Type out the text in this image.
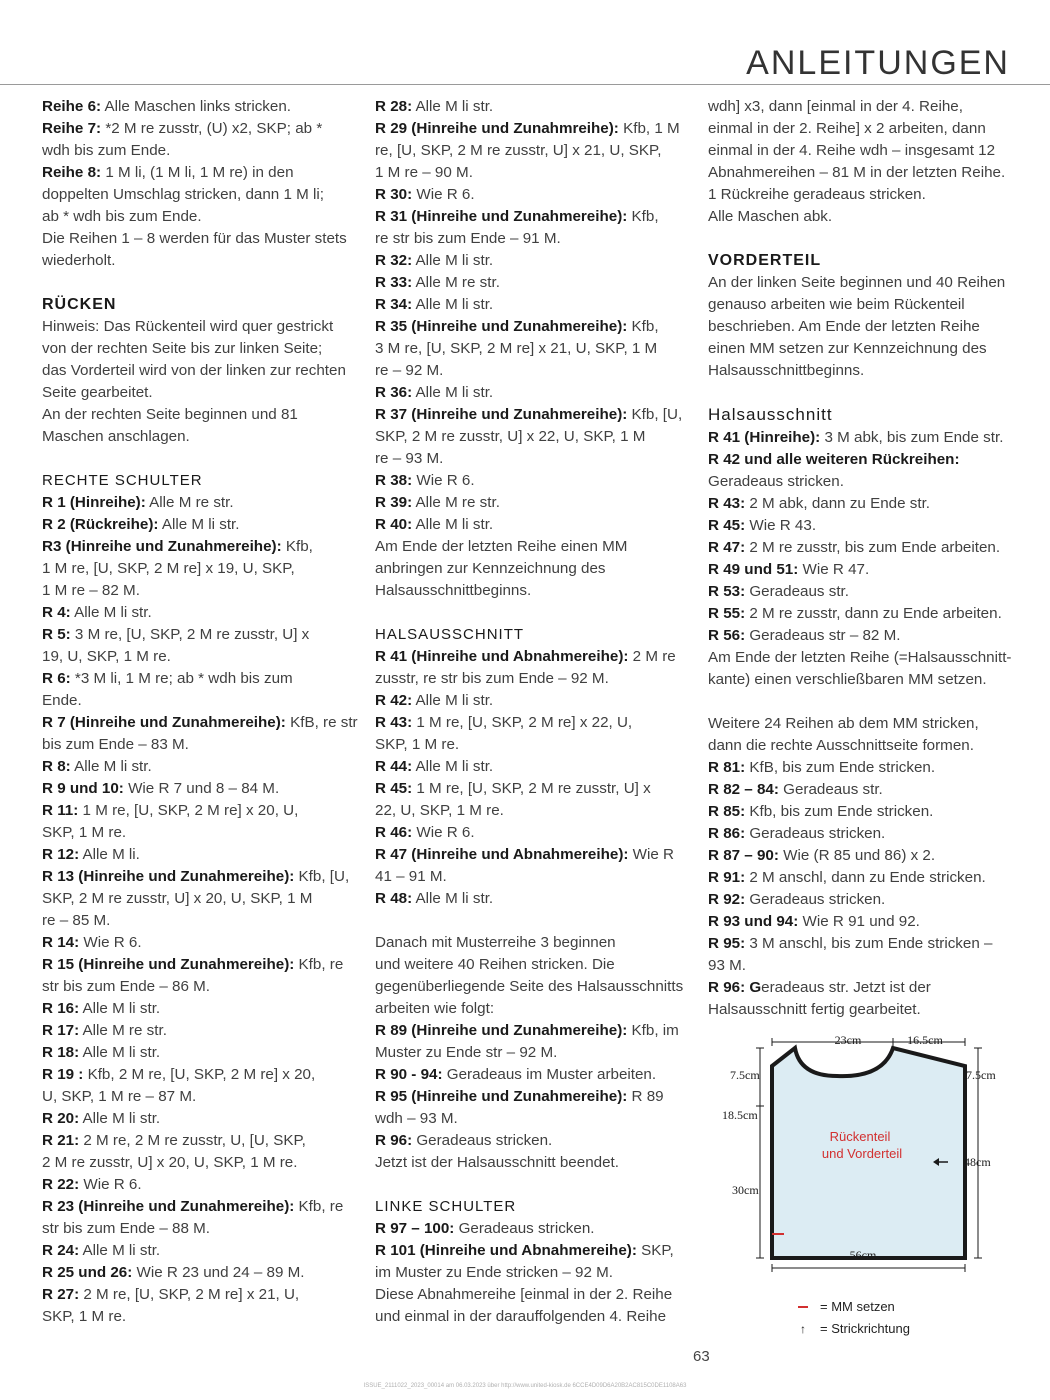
ANLEITUNGEN
Reihe 6: Alle Maschen links stricken.
Reihe 7: *2 M re zusstr, (U) x2, SKP; ab *
wdh bis zum Ende.
Reihe 8: 1 M li, (1 M li, 1 M re) in den
doppelten Umschlag stricken, dann 1 M li;
ab * wdh bis zum Ende.
Die Reihen 1 – 8 werden für das Muster stets
wiederholt.
RÜCKEN
Hinweis: Das Rückenteil wird quer gestrickt
von der rechten Seite bis zur linken Seite;
das Vorderteil wird von der linken zur rechten
Seite gearbeitet.
An der rechten Seite beginnen und 81
Maschen anschlagen.
RECHTE SCHULTER
R 1 (Hinreihe): Alle M re str.
R 2 (Rückreihe): Alle M li str.
R3 (Hinreihe und Zunahmereihe): Kfb,
1 M re, [U, SKP, 2 M re] x 19, U, SKP,
1 M re – 82 M.
R 4: Alle M li str.
R 5: 3 M re, [U, SKP, 2 M re zusstr, U] x
19, U, SKP, 1 M re.
R 6: *3 M li, 1 M re; ab * wdh bis zum
Ende.
R 7 (Hinreihe und Zunahmereihe): KfB, re str
bis zum Ende – 83 M.
R 8: Alle M li str.
R 9 und 10: Wie R 7 und 8 – 84 M.
R 11: 1 M re, [U, SKP, 2 M re] x 20, U,
SKP, 1 M re.
R 12: Alle M li.
R 13 (Hinreihe und Zunahmereihe): Kfb, [U,
SKP, 2 M re zusstr, U] x 20, U, SKP, 1 M
re – 85 M.
R 14: Wie R 6.
R 15 (Hinreihe und Zunahmereihe): Kfb, re
str bis zum Ende – 86 M.
R 16: Alle M li str.
R 17: Alle M re str.
R 18: Alle M li str.
R 19 : Kfb, 2 M re, [U, SKP, 2 M re] x 20,
U, SKP, 1 M re – 87 M.
R 20: Alle M li str.
R 21: 2 M re, 2 M re zusstr, U, [U, SKP,
2 M re zusstr, U] x 20, U, SKP, 1 M re.
R 22: Wie R 6.
R 23 (Hinreihe und Zunahmereihe): Kfb, re
str bis zum Ende – 88 M.
R 24: Alle M li str.
R 25 und 26: Wie R 23 und 24 – 89 M.
R 27: 2 M re, [U, SKP, 2 M re] x 21, U,
SKP, 1 M re.
R 28: Alle M li str.
R 29 (Hinreihe und Zunahmreihe): Kfb, 1 M
re, [U, SKP, 2 M re zusstr, U] x 21, U, SKP,
1 M re – 90 M.
R 30: Wie R 6.
R 31 (Hinreihe und Zunahmereihe): Kfb,
re str bis zum Ende – 91 M.
R 32: Alle M li str.
R 33: Alle M re str.
R 34: Alle M li str.
R 35 (Hinreihe und Zunahmereihe): Kfb,
3 M re, [U, SKP, 2 M re] x 21, U, SKP, 1 M
re – 92 M.
R 36: Alle M li str.
R 37 (Hinreihe und Zunahmereihe): Kfb, [U,
SKP, 2 M re zusstr, U] x 22, U, SKP, 1 M
re – 93 M.
R 38: Wie R 6.
R 39: Alle M re str.
R 40: Alle M li str.
Am Ende der letzten Reihe einen MM
anbringen zur Kennzeichnung des
Halsausschnittbeginns.
HALSAUSSCHNITT
R 41 (Hinreihe und Abnahmereihe): 2 M re
zusstr, re str bis zum Ende – 92 M.
R 42: Alle M li str.
R 43: 1 M re, [U, SKP, 2 M re] x 22, U,
SKP, 1 M re.
R 44: Alle M li str.
R 45: 1 M re, [U, SKP, 2 M re zusstr, U] x
22, U, SKP, 1 M re.
R 46: Wie R 6.
R 47 (Hinreihe und Abnahmereihe): Wie R
41 – 91 M.
R 48: Alle M li str.
Danach mit Musterreihe 3 beginnen
und weitere 40 Reihen stricken. Die
gegenüberliegende Seite des Halsausschnitts
arbeiten wie folgt:
R 89 (Hinreihe und Zunahmereihe): Kfb, im
Muster zu Ende str – 92 M.
R 90 - 94: Geradeaus im Muster arbeiten.
R 95 (Hinreihe und Zunahmereihe): R 89
wdh – 93 M.
R 96: Geradeaus stricken.
Jetzt ist der Halsausschnitt beendet.
LINKE SCHULTER
R 97 – 100: Geradeaus stricken.
R 101 (Hinreihe und Abnahmereihe): SKP,
im Muster zu Ende stricken – 92 M.
Diese Abnahmereihe [einmal in der 2. Reihe
und einmal in der darauffolgenden 4. Reihe
wdh] x3, dann [einmal in der 4. Reihe,
einmal in der 2. Reihe] x 2 arbeiten, dann
einmal in der 4. Reihe wdh – insgesamt 12
Abnahmereihen – 81 M in der letzten Reihe.
1 Rückreihe geradeaus stricken.
Alle Maschen abk.
VORDERTEIL
An der linken Seite beginnen und 40 Reihen
genauso arbeiten wie beim Rückenteil
beschrieben. Am Ende der letzten Reihe
einen MM setzen zur Kennzeichnung des
Halsausschnittbeginns.
Halsausschnitt
R 41 (Hinreihe): 3 M abk, bis zum Ende str.
R 42 und alle weiteren Rückreihen:
Geradeaus stricken.
R 43: 2 M abk, dann zu Ende str.
R 45: Wie R 43.
R 47: 2 M re zusstr, bis zum Ende arbeiten.
R 49 und 51: Wie R 47.
R 53: Geradeaus str.
R 55: 2 M re zusstr, dann zu Ende arbeiten.
R 56: Geradeaus str – 82 M.
Am Ende der letzten Reihe (=Halsausschnitt-
kante) einen verschließbaren MM setzen.
Weitere 24 Reihen ab dem MM stricken,
dann die rechte Ausschnittseite formen.
R 81: KfB, bis zum Ende stricken.
R 82 – 84: Geradeaus str.
R 85: Kfb, bis zum Ende stricken.
R 86: Geradeaus stricken.
R 87 – 90: Wie (R 85 und 86) x 2.
R 91: 2 M anschl, dann zu Ende stricken.
R 92: Geradeaus stricken.
R 93 und 94: Wie R 91 und 92.
R 95: 3 M anschl, bis zum Ende stricken –
93 M.
R 96: Geradeaus str. Jetzt ist der
Halsausschnitt fertig gearbeitet.
23cm	16.5cm
7.5cm	7.5cm
18.5cm
30cm
48cm
56cm
Rückenteil
und Vorderteil
= MM setzen
↑ = Strickrichtung
63
ISSUE_2111022_2023_00014 am 06.03.2023 über http://www.united-kiosk.de 6CCE4D09D6A20B2AC815C0DE1108A63
